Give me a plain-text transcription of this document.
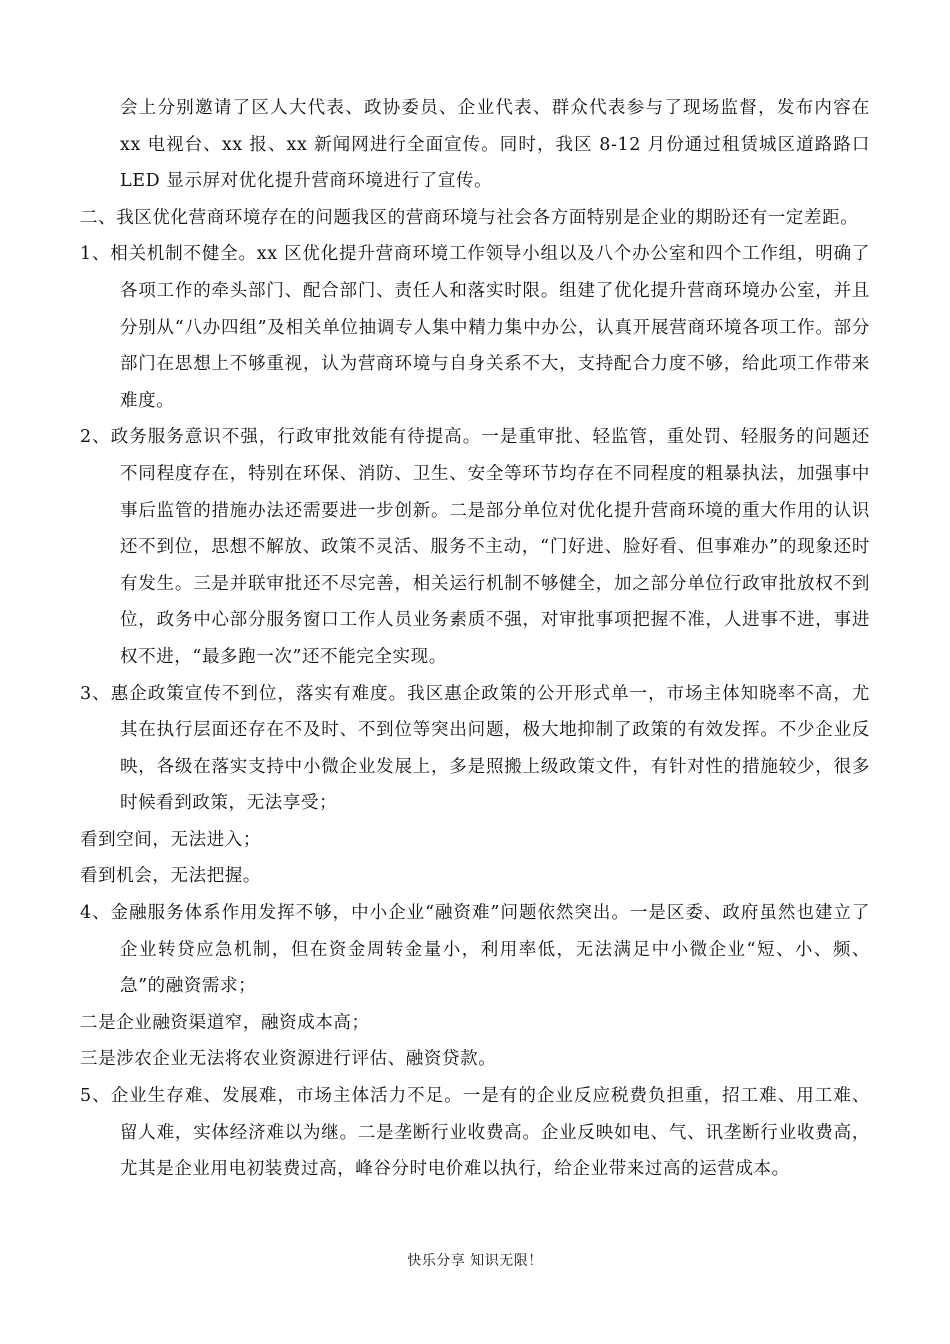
会上分别邀请了区人大代表、政协委员、企业代表、群众代表参与了现场监督，发布内容在 xx 电视台、xx 报、xx 新闻网进行全面宣传。同时，我区 8-12 月份通过租赁城区道路路口 LED 显示屏对优化提升营商环境进行了宣传。

二、我区优化营商环境存在的问题我区的营商环境与社会各方面特别是企业的期盼还有一定差距。

1、相关机制不健全。xx 区优化提升营商环境工作领导小组以及八个办公室和四个工作组，明确了各项工作的牵头部门、配合部门、责任人和落实时限。组建了优化提升营商环境办公室，并且分别从“八办四组”及相关单位抽调专人集中精力集中办公，认真开展营商环境各项工作。部分部门在思想上不够重视，认为营商环境与自身关系不大，支持配合力度不够，给此项工作带来难度。

2、政务服务意识不强，行政审批效能有待提高。一是重审批、轻监管，重处罚、轻服务的问题还不同程度存在，特别在环保、消防、卫生、安全等环节均存在不同程度的粗暴执法，加强事中事后监管的措施办法还需要进一步创新。二是部分单位对优化提升营商环境的重大作用的认识还不到位，思想不解放、政策不灵活、服务不主动，“门好进、脸好看、但事难办”的现象还时有发生。三是并联审批还不尽完善，相关运行机制不够健全，加之部分单位行政审批放权不到位，政务中心部分服务窗口工作人员业务素质不强，对审批事项把握不准，人进事不进，事进权不进，“最多跑一次”还不能完全实现。

3、惠企政策宣传不到位，落实有难度。我区惠企政策的公开形式单一，市场主体知晓率不高，尤其在执行层面还存在不及时、不到位等突出问题，极大地抑制了政策的有效发挥。不少企业反映，各级在落实支持中小微企业发展上，多是照搬上级政策文件，有针对性的措施较少，很多时候看到政策，无法享受；

看到空间，无法进入；

看到机会，无法把握。

4、金融服务体系作用发挥不够，中小企业“融资难”问题依然突出。一是区委、政府虽然也建立了企业转贷应急机制，但在资金周转金量小，利用率低，无法满足中小微企业“短、小、频、急”的融资需求；

二是企业融资渠道窄，融资成本高；

三是涉农企业无法将农业资源进行评估、融资贷款。

5、企业生存难、发展难，市场主体活力不足。一是有的企业反应税费负担重，招工难、用工难、留人难，实体经济难以为继。二是垄断行业收费高。企业反映如电、气、讯垄断行业收费高，尤其是企业用电初装费过高，峰谷分时电价难以执行，给企业带来过高的运营成本。

快乐分享 知识无限！
